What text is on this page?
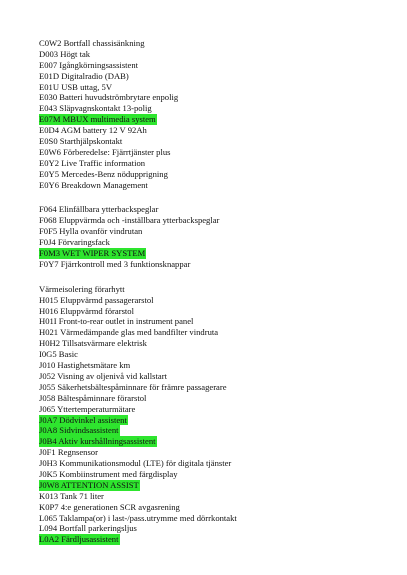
C0W2 Bortfall chassisänkning
D003 Högt tak
E007 Igångkörningsassistent
E01D Digitalradio (DAB)
E01U USB uttag, 5V
E030 Batteri huvudströmbrytare enpolig
E043 Släpvagnskontakt 13-polig
E07M MBUX multimedia system
E0D4 AGM battery 12 V 92Ah
E0S0 Starthjälpskontakt
E0W6 Förberedelse: Fjärrtjänster plus
E0Y2 Live Traffic information
E0Y5 Mercedes-Benz nödupprigning
E0Y6 Breakdown Management
F064 Elinfällbara ytterbackspeglar
F068 Eluppvärmda och -inställbara ytterbackspeglar
F0F5 Hylla ovanför vindrutan
F0J4 Förvaringsfack
F0M3 WET WIPER SYSTEM
F0Y7 Fjärrkontroll med 3 funktionsknappar
Värmeisolering förarhytt
H015 Eluppvärmd passagerarstol
H016 Eluppvärmd förarstol
H01I Front-to-rear outlet in instrument panel
H021 Värmedämpande glas med bandfilter vindruta
H0H2 Tillsatsvärmare elektrisk
I0G5 Basic
J010 Hastighetsmätare km
J052 Visning av oljenivå vid kallstart
J055 Säkerhetsbältespåminnare för främre passagerare
J058 Bältespåminnare förarstol
J065 Yttertemperaturmätare
J0A7 Dödvinkel assistent
J0A8 Sidvindsassistent
J0B4 Aktiv kurshållningsassistent
J0F1 Regnsensor
J0H3 Kommunikationsmodul (LTE) för digitala tjänster
J0K5 Kombiinstrument med färgdisplay
J0W8 ATTENTION ASSIST
K013 Tank 71 liter
K0P7 4:e generationen SCR avgasrening
L065 Taklampa(or) i last-/pass.utrymme med dörrkontakt
L094 Bortfall parkeringsljus
L0A2 Färdljusassistent
